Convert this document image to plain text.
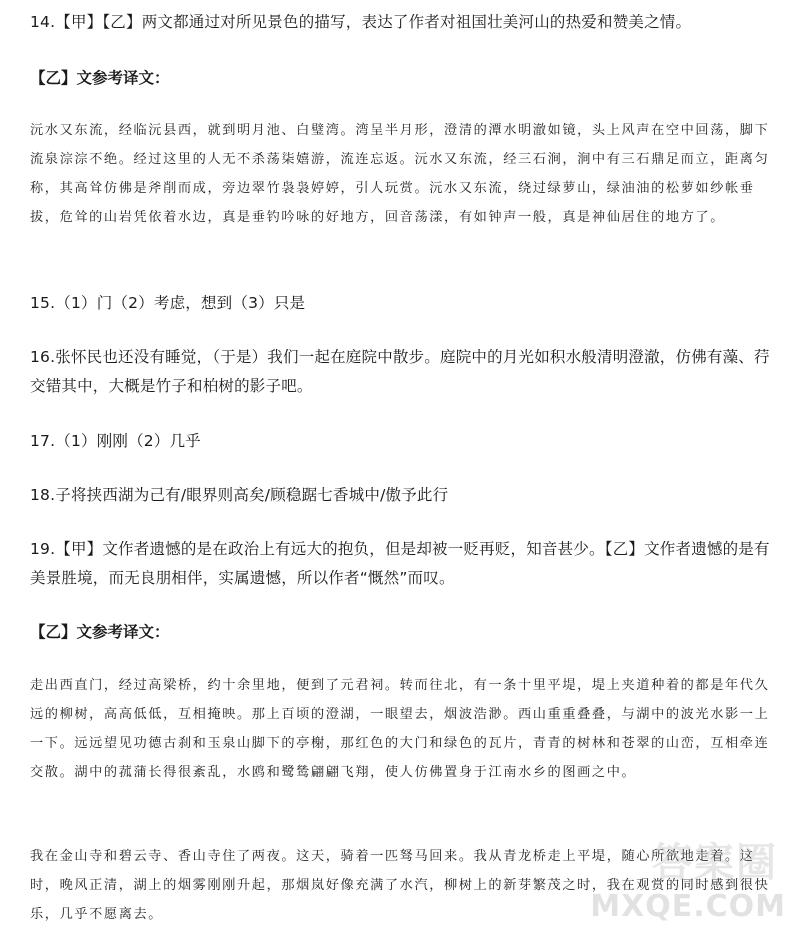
14.【甲】【乙】两文都通过对所见景色的描写，表达了作者对祖国壮美河山的热爱和赞美之情。

【乙】文参考译文：

沅水又东流，经临沅县西，就到明月池、白璧湾。湾呈半月形，澄清的潭水明澈如镜，头上风声在空中回荡，脚下流泉淙淙不绝。经过这里的人无不杀荡柒嬉游，流连忘返。沅水又东流，经三石涧，涧中有三石鼎足而立，距离匀称，其高耸仿佛是斧削而成，旁边翠竹袅袅婷婷，引人玩赏。沅水又东流，绕过绿萝山，绿油油的松萝如纱帐垂拔，危耸的山岩凭依着水边，真是垂钓吟咏的好地方，回音荡漾，有如钟声一般，真是神仙居住的地方了。

15.（1）门（2）考虑，想到（3）只是

16.张怀民也还没有睡觉，（于是）我们一起在庭院中散步。庭院中的月光如积水般清明澄澈，仿佛有藻、荇交错其中，大概是竹子和柏树的影子吧。

17.（1）刚刚（2）几乎

18.子将挟西湖为己有/眼界则高矣/顾稳踞七香城中/傲予此行

19.【甲】文作者遗憾的是在政治上有远大的抱负，但是却被一贬再贬，知音甚少。【乙】文作者遗憾的是有美景胜境，而无良朋相伴，实属遗憾，所以作者“慨然”而叹。

【乙】文参考译文：

走出西直门，经过高梁桥，约十余里地，便到了元君祠。转而往北，有一条十里平堤，堤上夹道种着的都是年代久远的柳树，高高低低，互相掩映。那上百顷的澄湖，一眼望去，烟波浩渺。西山重重叠叠，与湖中的波光水影一上一下。远远望见功德古刹和玉泉山脚下的亭榭，那红色的大门和绿色的瓦片，青青的树林和苍翠的山峦，互相牵连交散。湖中的菰蒲长得很紊乱，水鸥和鹭鸶翩翩飞翔，使人仿佛置身于江南水乡的图画之中。

我在金山寺和碧云寺、香山寺住了两夜。这天，骑着一匹驽马回来。我从青龙桥走上平堤，随心所欲地走着。这时，晚风正清，湖上的烟雾刚刚升起，那烟岚好像充满了水汽，柳树上的新芽繁茂之时，我在观赏的同时感到很快乐，几乎不愿离去。

答案圈
MXQE.COM
